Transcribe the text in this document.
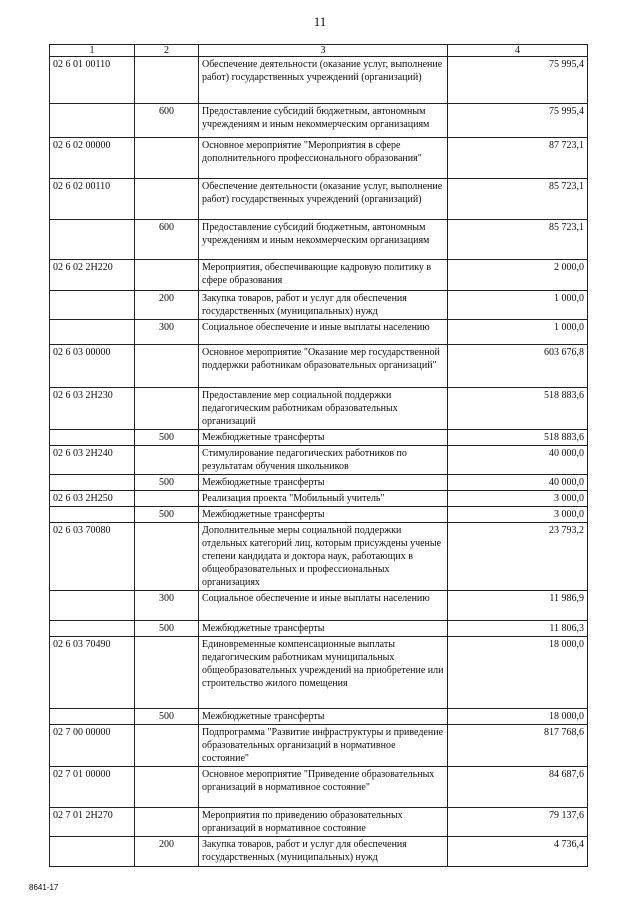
11
1	2	3	4
02 6 01 00110		Обеспечение деятельности (оказание услуг, выполнение работ) государственных учреждений (организаций)	75 995,4
	600	Предоставление субсидий бюджетным, автономным учреждениям и иным некоммерческим организациям	75 995,4
02 6 02 00000		Основное мероприятие "Мероприятия в сфере дополнительного профессионального образования"	87 723,1
02 6 02 00110		Обеспечение деятельности (оказание услуг, выполнение работ) государственных учреждений (организаций)	85 723,1
	600	Предоставление субсидий бюджетным, автономным учреждениям и иным некоммерческим организациям	85 723,1
02 6 02 2Н220		Мероприятия, обеспечивающие кадровую политику в сфере образования	2 000,0
	200	Закупка товаров, работ и услуг для обеспечения государственных (муниципальных) нужд	1 000,0
	300	Социальное обеспечение и иные выплаты населению	1 000,0
02 6 03 00000		Основное мероприятие "Оказание мер государственной поддержки работникам образовательных организаций"	603 676,8
02 6 03 2Н230		Предоставление мер социальной поддержки педагогическим работникам образовательных организаций	518 883,6
	500	Межбюджетные трансферты	518 883,6
02 6 03 2Н240		Стимулирование педагогических работников по результатам обучения школьников	40 000,0
	500	Межбюджетные трансферты	40 000,0
02 6 03 2Н250		Реализация проекта "Мобильный учитель"	3 000,0
	500	Межбюджетные трансферты	3 000,0
02 6 03 70080		Дополнительные меры социальной поддержки отдельных категорий лиц, которым присуждены ученые степени кандидата и доктора наук, работающих в общеобразовательных и профессиональных организациях	23 793,2
	300	Социальное обеспечение и иные выплаты населению	11 986,9
	500	Межбюджетные трансферты	11 806,3
02 6 03 70490		Единовременные компенсационные выплаты педагогическим работникам муниципальных общеобразовательных учреждений на приобретение или строительство жилого помещения	18 000,0
	500	Межбюджетные трансферты	18 000,0
02 7 00 00000		Подпрограмма "Развитие инфраструктуры и приведение образовательных организаций в нормативное состояние"	817 768,6
02 7 01 00000		Основное мероприятие "Приведение образовательных организаций в нормативное состояние"	84 687,6
02 7 01 2Н270		Мероприятия по приведению образовательных организаций в нормативное состояние	79 137,6
	200	Закупка товаров, работ и услуг для обеспечения государственных (муниципальных) нужд	4 736,4
8641-17
